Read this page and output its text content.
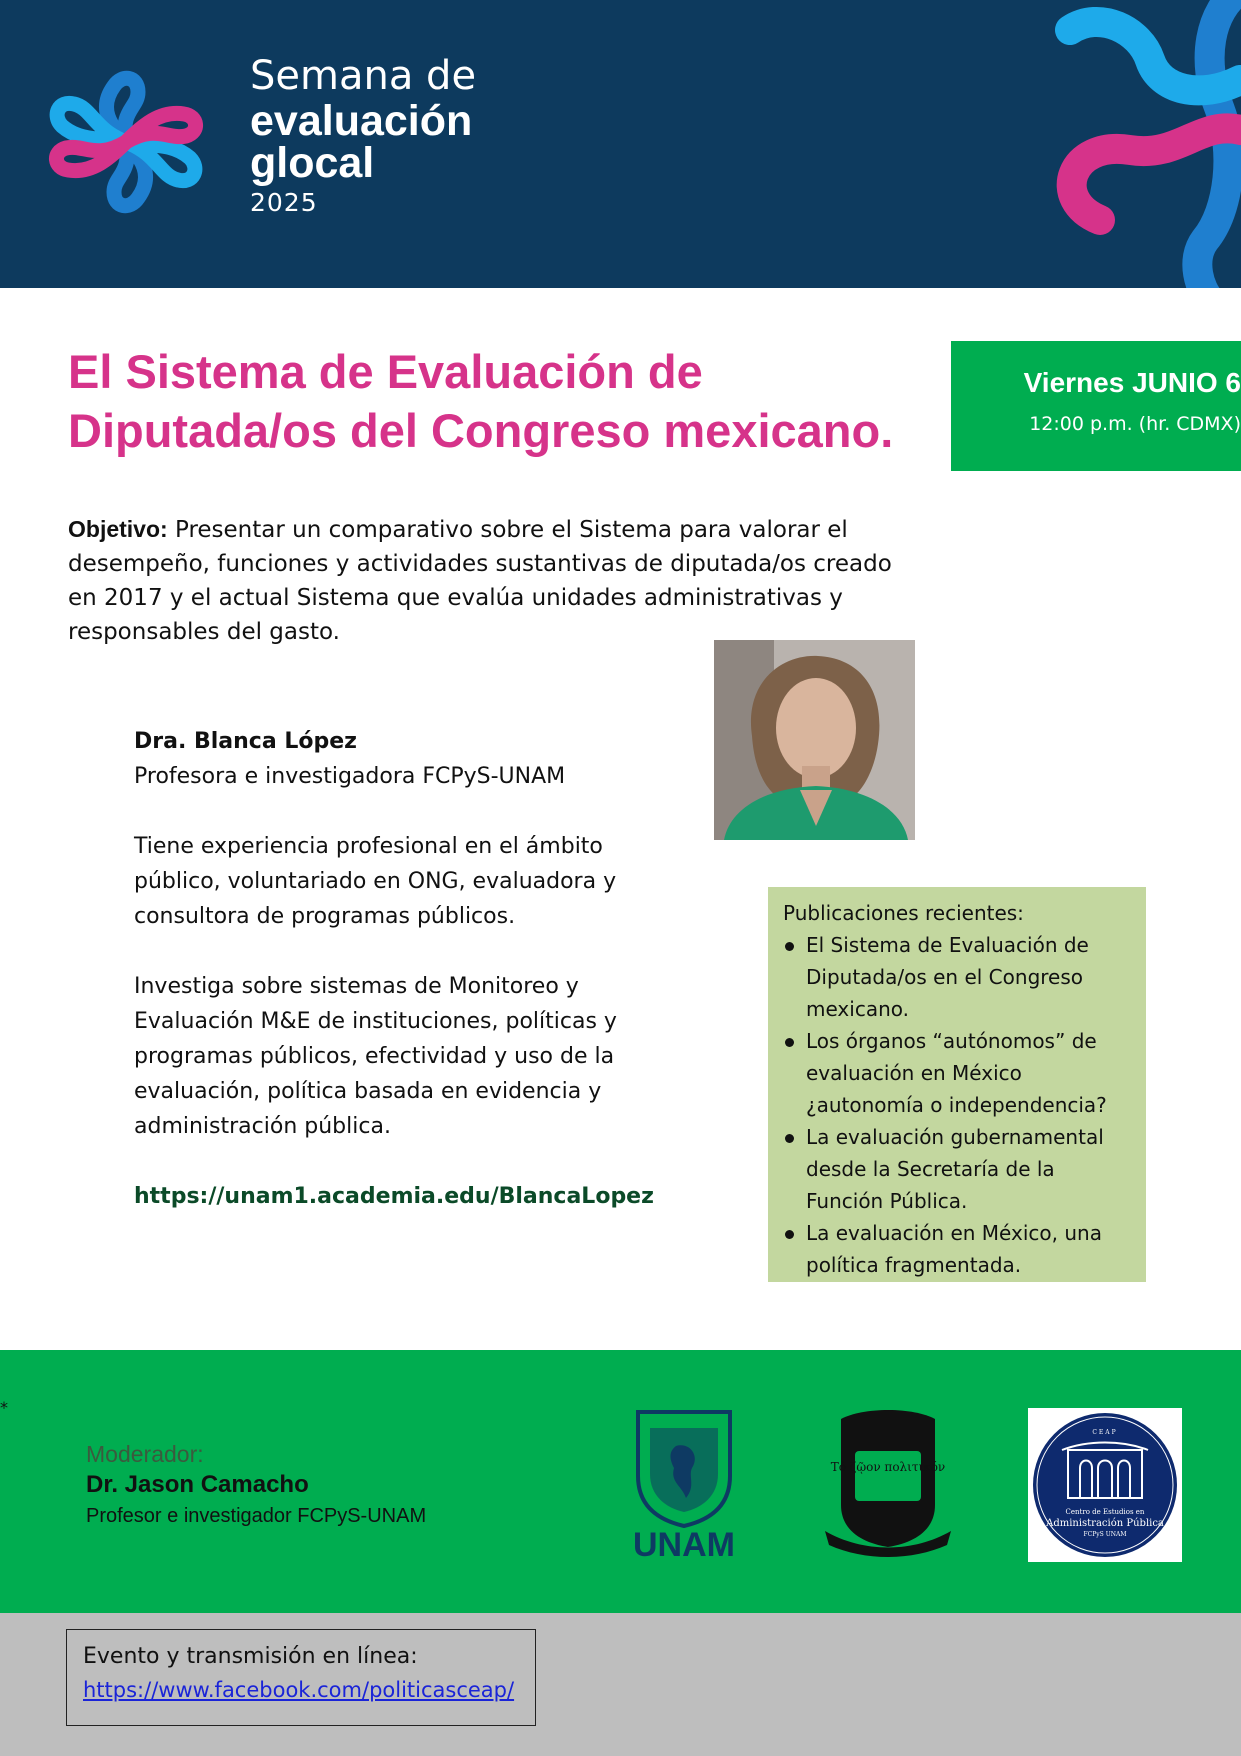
Semana de
evaluación
glocal
2025
El Sistema de Evaluación de Diputada/os del Congreso mexicano.
Viernes JUNIO 6
12:00 p.m. (hr. CDMX)
Objetivo: Presentar un comparativo sobre el Sistema para valorar el desempeño, funciones y actividades sustantivas de diputada/os creado en 2017 y el actual Sistema que evalúa unidades administrativas y responsables del gasto.

Dra. Blanca López

Profesora e investigadora FCPyS-UNAM

Tiene experiencia profesional en el ámbito público, voluntariado en ONG, evaluadora y consultora de programas públicos.

Investiga sobre sistemas de Monitoreo y Evaluación M&E de instituciones, políticas y programas públicos, efectividad y uso de la evaluación, política basada en evidencia y administración pública.

https://unam1.academia.edu/BlancaLopez

Publicaciones recientes:
El Sistema de Evaluación de Diputada/os en el Congreso mexicano.
Los órganos “autónomos” de evaluación en México ¿autonomía o independencia?
La evaluación gubernamental desde la Secretaría de la Función Pública.
La evaluación en México, una política fragmentada.
*
Moderador:
Dr. Jason Camacho
Profesor e investigador FCPyS-UNAM
UNAM
Τό ζῷον πολιτικόν
CEAP
Centro de Estudios en
Administración Pública
FCPyS UNAM
Evento y transmisión en línea:
https://www.facebook.com/politicasceap/
